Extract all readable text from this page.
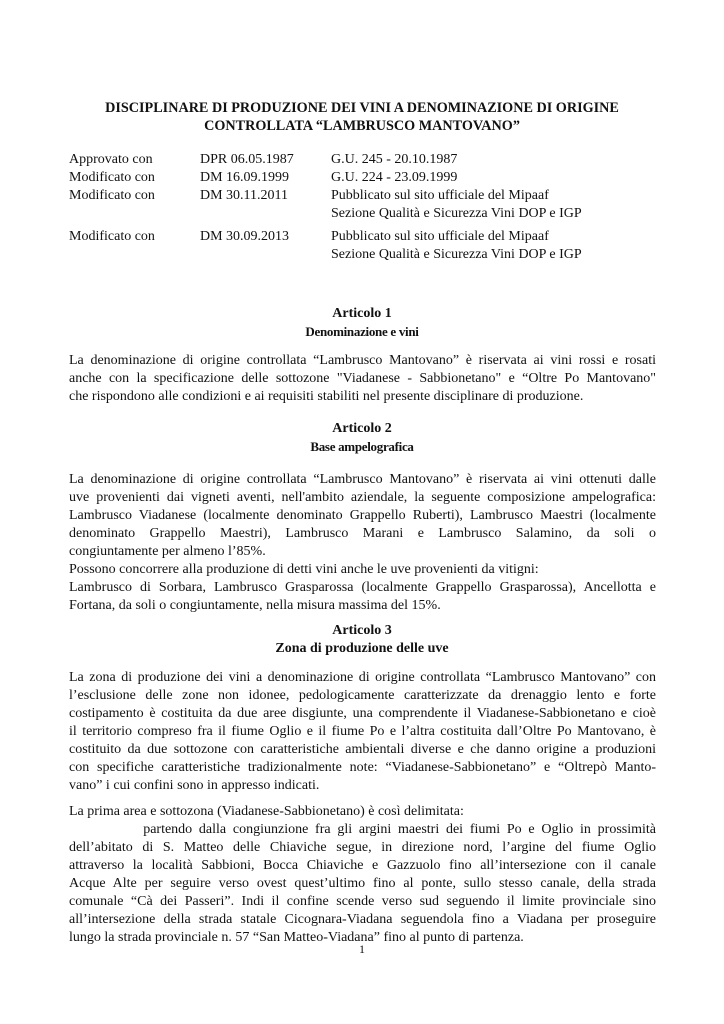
DISCIPLINARE DI PRODUZIONE DEI VINI A DENOMINAZIONE DI ORIGINE
CONTROLLATA “LAMBRUSCO MANTOVANO”
Approvato con	DPR 06.05.1987	G.U. 245 - 20.10.1987
Modificato con	DM 16.09.1999	G.U. 224 - 23.09.1999
Modificato con	DM 30.11.2011	Pubblicato sul sito ufficiale del Mipaaf
Sezione Qualità e Sicurezza Vini DOP e IGP
Modificato con	DM 30.09.2013	Pubblicato sul sito ufficiale del Mipaaf
Sezione Qualità e Sicurezza Vini DOP e IGP
Articolo 1
Denominazione e vini
La denominazione di origine controllata “Lambrusco Mantovano” è riservata ai vini rossi e rosati
anche con la specificazione delle sottozone "Viadanese - Sabbionetano" e “Oltre Po Mantovano"
che rispondono alle condizioni e ai requisiti stabiliti nel presente disciplinare di produzione.
Articolo 2
Base ampelografica
La denominazione di origine controllata “Lambrusco Mantovano” è riservata ai vini ottenuti dalle
uve provenienti dai vigneti aventi, nell'ambito aziendale, la seguente composizione ampelografica:
Lambrusco Viadanese (localmente denominato Grappello Ruberti), Lambrusco Maestri (localmente
denominato Grappello Maestri), Lambrusco Marani e Lambrusco Salamino, da soli o
congiuntamente per almeno l’85%.
Possono concorrere alla produzione di detti vini anche le uve provenienti da vitigni:
Lambrusco di Sorbara, Lambrusco Grasparossa (localmente Grappello Grasparossa), Ancellotta e
Fortana, da soli o congiuntamente, nella misura massima del 15%.
Articolo 3
Zona di produzione delle uve
La zona di produzione dei vini a denominazione di origine controllata “Lambrusco Mantovano” con
l’esclusione delle zone non idonee, pedologicamente caratterizzate da drenaggio lento e forte
costipamento è costituita da due aree disgiunte, una comprendente il Viadanese-Sabbionetano e cioè
il territorio compreso fra il fiume Oglio e il fiume Po e l’altra costituita dall’Oltre Po Mantovano, è
costituito da due sottozone con caratteristiche ambientali diverse e che danno origine a produzioni
con specifiche caratteristiche tradizionalmente note: “Viadanese-Sabbionetano” e “Oltrepò Manto-
vano” i cui confini sono in appresso indicati.
La prima area e sottozona (Viadanese-Sabbionetano) è così delimitata:
partendo dalla congiunzione fra gli argini maestri dei fiumi Po e Oglio in prossimità
dell’abitato di S. Matteo delle Chiaviche segue, in direzione nord, l’argine del fiume Oglio
attraverso la località Sabbioni, Bocca Chiaviche e Gazzuolo fino all’intersezione con il canale
Acque Alte per seguire verso ovest quest’ultimo fino al ponte, sullo stesso canale, della strada
comunale “Cà dei Passeri”. Indi il confine scende verso sud seguendo il limite provinciale sino
all’intersezione della strada statale Cicognara-Viadana seguendola fino a Viadana per proseguire
lungo la strada provinciale n. 57 “San Matteo-Viadana” fino al punto di partenza.
1
